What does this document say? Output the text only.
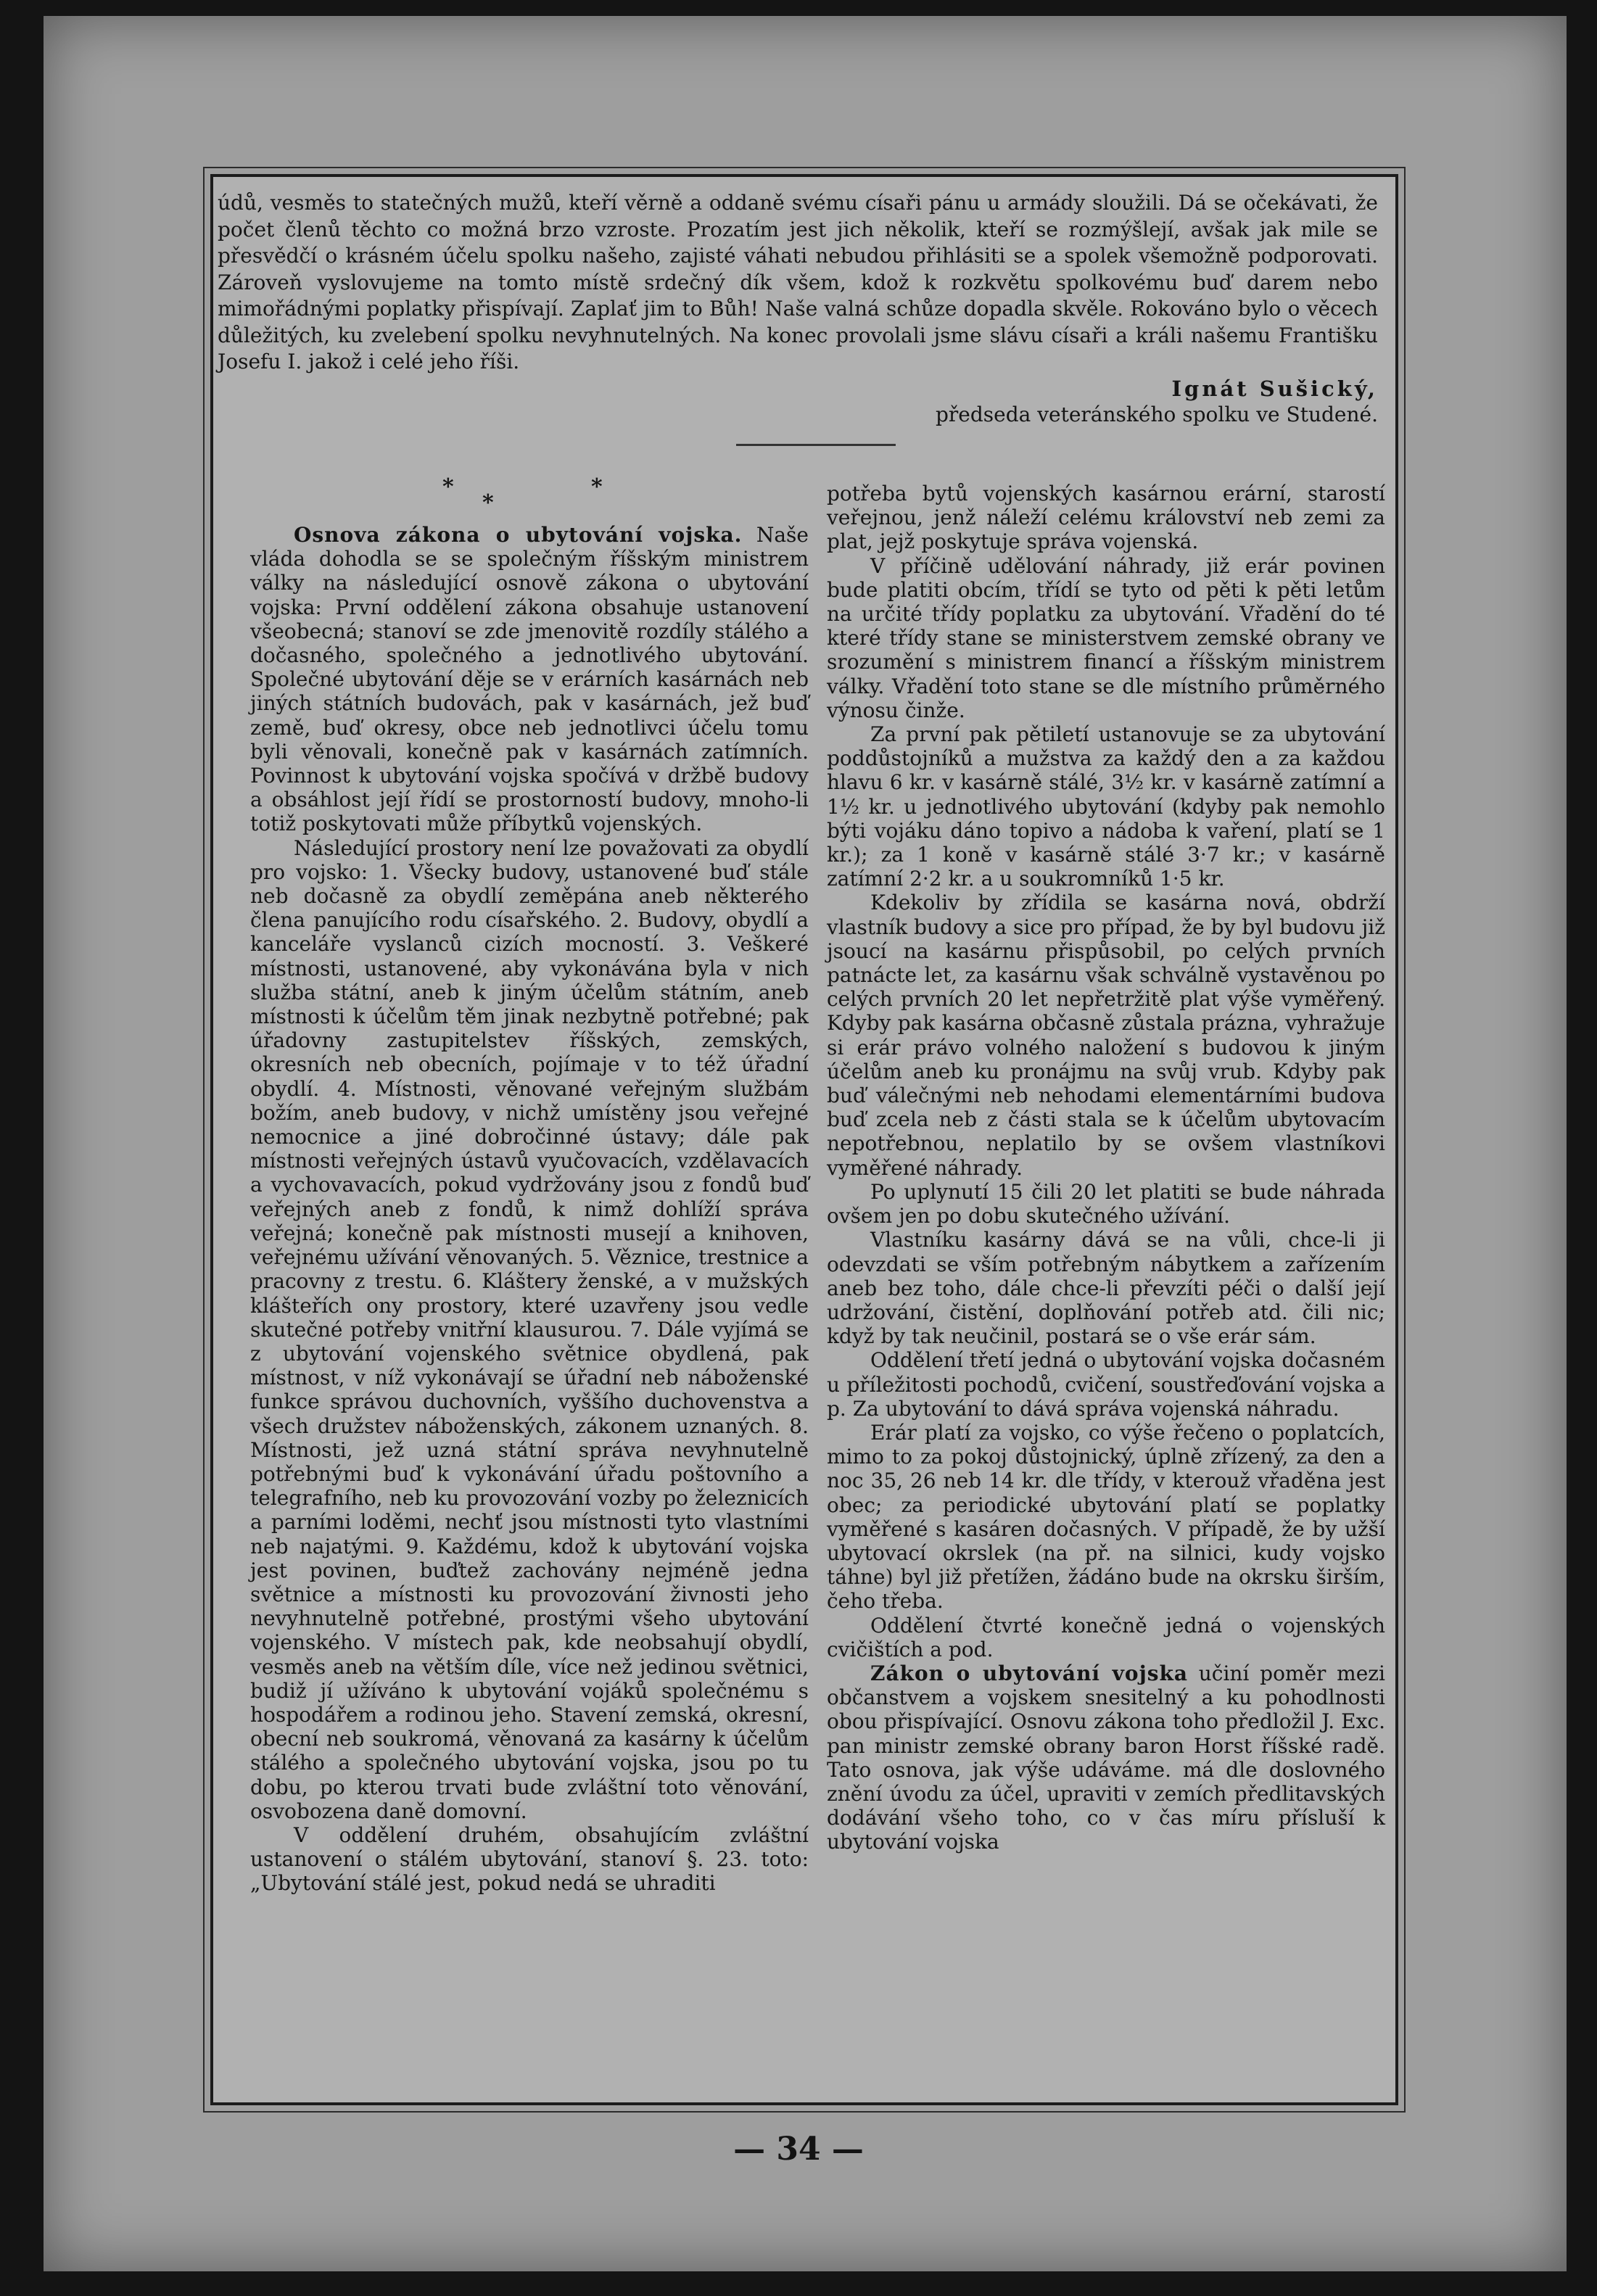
údů, vesměs to statečných mužů, kteří věrně a oddaně svému císaři pánu u armády sloužili. Dá se očekávati, že počet členů těchto co možná brzo vzroste. Prozatím jest jich několik, kteří se rozmýšlejí, avšak jak mile se přesvědčí o krásném účelu spolku našeho, zajisté váhati nebudou přihlásiti se a spolek všemožně podporovati. Zároveň vyslovujeme na tomto místě srdečný dík všem, kdož k rozkvětu spolkovému buď darem nebo mimořádnými poplatky přispívají. Zaplať jim to Bůh! Naše valná schůze dopadla skvěle. Rokováno bylo o věcech důležitých, ku zvelebení spolku nevyhnutelných. Na konec provolali jsme slávu císaři a králi našemu Františku Josefu I. jakož i celé jeho říši.

Ignát Sušický,

předseda veteránského spolku ve Studené.

*
*
*

Osnova zákona o ubytování vojska. Naše vláda dohodla se se společným říšským ministrem války na následující osnově zákona o ubytování vojska: První oddělení zákona obsahuje ustanovení všeobecná; stanoví se zde jmenovitě rozdíly stálého a dočasného, společného a jednotlivého ubytování. Společné ubytování děje se v erárních kasárnách neb jiných státních budovách, pak v kasárnách, jež buď země, buď okresy, obce neb jednotlivci účelu tomu byli věnovali, konečně pak v kasárnách zatímních. Povinnost k ubytování vojska spočívá v držbě budovy a obsáhlost její řídí se prostorností budovy, mnoho-li totiž poskytovati může příbytků vojenských.

Následující prostory není lze považovati za obydlí pro vojsko: 1. Všecky budovy, ustanovené buď stále neb dočasně za obydlí zeměpána aneb některého člena panujícího rodu císařského. 2. Budovy, obydlí a kanceláře vyslanců cizích mocností. 3. Veškeré místnosti, ustanovené, aby vykonávána byla v nich služba státní, aneb k jiným účelům státním, aneb místnosti k účelům těm jinak nezbytně potřebné; pak úřadovny zastupitelstev říšských, zemských, okresních neb obecních, pojímaje v to též úřadní obydlí. 4. Místnosti, věnované veřejným službám božím, aneb budovy, v nichž umístěny jsou veřejné nemocnice a jiné dobročinné ústavy; dále pak místnosti veřejných ústavů vyučovacích, vzdělavacích a vychovavacích, pokud vydržovány jsou z fondů buď veřejných aneb z fondů, k nimž dohlíží správa veřejná; konečně pak místnosti musejí a knihoven, veřejnému užívání věnovaných. 5. Věznice, trestnice a pracovny z trestu. 6. Kláštery ženské, a v mužských klášteřích ony prostory, které uzavřeny jsou vedle skutečné potřeby vnitřní klausurou. 7. Dále vyjímá se z ubytování vojenského světnice obydlená, pak místnost, v níž vykonávají se úřadní neb náboženské funkce správou duchovních, vyššího duchovenstva a všech družstev náboženských, zákonem uznaných. 8. Místnosti, jež uzná státní správa nevyhnutelně potřebnými buď k vykonávání úřadu poštovního a telegrafního, neb ku provozování vozby po železnicích a parními loděmi, nechť jsou místnosti tyto vlastními neb najatými. 9. Každému, kdož k ubytování vojska jest povinen, buďtež zachovány nejméně jedna světnice a místnosti ku provozování živnosti jeho nevyhnutelně potřebné, prostými všeho ubytování vojenského. V místech pak, kde neobsahují obydlí, vesměs aneb na větším díle, více než jedinou světnici, budiž jí užíváno k ubytování vojáků společnému s hospodářem a rodinou jeho. Stavení zemská, okresní, obecní neb soukromá, věnovaná za kasárny k účelům stálého a společného ubytování vojska, jsou po tu dobu, po kterou trvati bude zvláštní toto věnování, osvobozena daně domovní.

V oddělení druhém, obsahujícím zvláštní ustanovení o stálém ubytování, stanoví §. 23. toto: „Ubytování stálé jest, pokud nedá se uhraditi

potřeba bytů vojenských kasárnou erární, starostí veřejnou, jenž náleží celému království neb zemi za plat, jejž poskytuje správa vojenská.

V příčině udělování náhrady, již erár povinen bude platiti obcím, třídí se tyto od pěti k pěti letům na určité třídy poplatku za ubytování. Vřadění do té které třídy stane se ministerstvem zemské obrany ve srozumění s ministrem financí a říšským ministrem války. Vřadění toto stane se dle místního průměrného výnosu činže.

Za první pak pětiletí ustanovuje se za ubytování poddůstojníků a mužstva za každý den a za každou hlavu 6 kr. v kasárně stálé, 3½ kr. v kasárně zatímní a 1½ kr. u jednotlivého ubytování (kdyby pak nemohlo býti vojáku dáno topivo a nádoba k vaření, platí se 1 kr.); za 1 koně v kasárně stálé 3·7 kr.; v kasárně zatímní 2·2 kr. a u soukromníků 1·5 kr.

Kdekoliv by zřídila se kasárna nová, obdrží vlastník budovy a sice pro případ, že by byl budovu již jsoucí na kasárnu přispůsobil, po celých prvních patnácte let, za kasárnu však schválně vystavěnou po celých prvních 20 let nepřetržitě plat výše vyměřený. Kdyby pak kasárna občasně zůstala prázna, vyhražuje si erár právo volného naložení s budovou k jiným účelům aneb ku pronájmu na svůj vrub. Kdyby pak buď válečnými neb nehodami elementárními budova buď zcela neb z části stala se k účelům ubytovacím nepotřebnou, neplatilo by se ovšem vlastníkovi vyměřené náhrady.

Po uplynutí 15 čili 20 let platiti se bude náhrada ovšem jen po dobu skutečného užívání.

Vlastníku kasárny dává se na vůli, chce-li ji odevzdati se vším potřebným nábytkem a zařízením aneb bez toho, dále chce-li převzíti péči o další její udržování, čistění, doplňování potřeb atd. čili nic; když by tak neučinil, postará se o vše erár sám.

Oddělení třetí jedná o ubytování vojska dočasném u příležitosti pochodů, cvičení, soustřeďování vojska a p. Za ubytování to dává správa vojenská náhradu.

Erár platí za vojsko, co výše řečeno o poplatcích, mimo to za pokoj důstojnický, úplně zřízený, za den a noc 35, 26 neb 14 kr. dle třídy, v kterouž vřaděna jest obec; za periodické ubytování platí se poplatky vyměřené s kasáren dočasných. V případě, že by užší ubytovací okrslek (na př. na silnici, kudy vojsko táhne) byl již přetížen, žádáno bude na okrsku širším, čeho třeba.

Oddělení čtvrté konečně jedná o vojenských cvičištích a pod.

Zákon o ubytování vojska učiní poměr mezi občanstvem a vojskem snesitelný a ku pohodlnosti obou přispívající. Osnovu zákona toho předložil J. Exc. pan ministr zemské obrany baron Horst říšské radě. Tato osnova, jak výše udáváme. má dle doslovného znění úvodu za účel, upraviti v zemích předlitavských dodávání všeho toho, co v čas míru přísluší k ubytování vojska

— 34 —
